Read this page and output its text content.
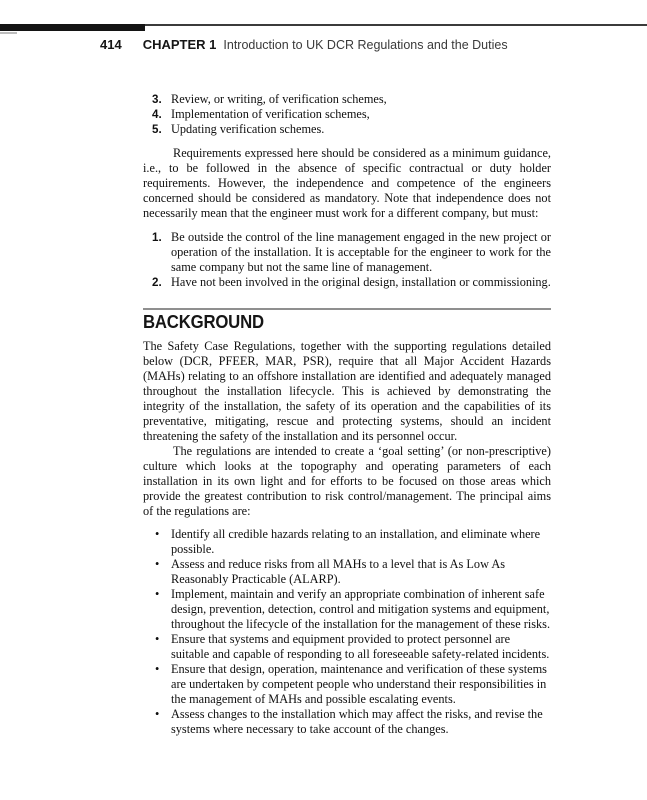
414 CHAPTER 1 Introduction to UK DCR Regulations and the Duties
3. Review, or writing, of verification schemes,
4. Implementation of verification schemes,
5. Updating verification schemes.

Requirements expressed here should be considered as a minimum guidance, i.e., to be followed in the absence of specific contractual or duty holder requirements. However, the independence and competence of the engineers concerned should be considered as mandatory. Note that independence does not necessarily mean that the engineer must work for a different company, but must:

1. Be outside the control of the line management engaged in the new project or operation of the installation. It is acceptable for the engineer to work for the same company but not the same line of management.
2. Have not been involved in the original design, installation or commissioning.
BACKGROUND

The Safety Case Regulations, together with the supporting regulations detailed below (DCR, PFEER, MAR, PSR), require that all Major Accident Hazards (MAHs) relating to an offshore installation are identified and adequately managed throughout the installation lifecycle. This is achieved by demonstrating the integrity of the installation, the safety of its operation and the capabilities of its preventative, mitigating, rescue and protecting systems, should an incident threatening the safety of the installation and its personnel occur.

The regulations are intended to create a ‘goal setting’ (or non-prescriptive) culture which looks at the topography and operating parameters of each installation in its own light and for efforts to be focused on those areas which provide the greatest contribution to risk control/management. The principal aims of the regulations are:

• Identify all credible hazards relating to an installation, and eliminate where possible.
• Assess and reduce risks from all MAHs to a level that is As Low As Reasonably Practicable (ALARP).
• Implement, maintain and verify an appropriate combination of inherent safe design, prevention, detection, control and mitigation systems and equipment, throughout the lifecycle of the installation for the management of these risks.
• Ensure that systems and equipment provided to protect personnel are suitable and capable of responding to all foreseeable safety-related incidents.
• Ensure that design, operation, maintenance and verification of these systems are undertaken by competent people who understand their responsibilities in the management of MAHs and possible escalating events.
• Assess changes to the installation which may affect the risks, and revise the systems where necessary to take account of the changes.
